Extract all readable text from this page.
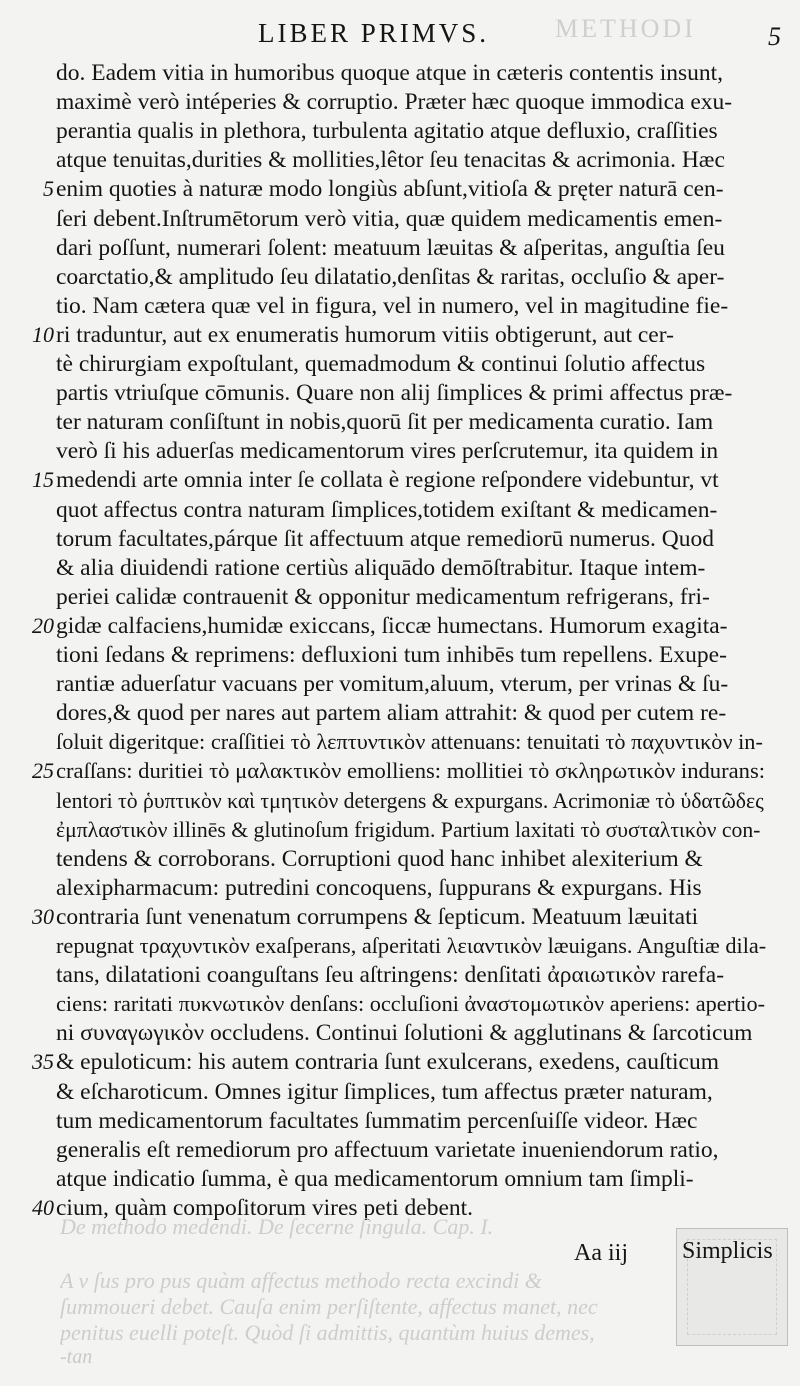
METHODI
LIBER PRIMVS.	5
do. Eadem vitia in humoribus quoque atque in cæteris contentis insunt,
maximè verò intéperies & corruptio. Præter hæc quoque immodica exu-
perantia qualis in plethora, turbulenta agitatio atque defluxio, craſſities
atque tenuitas,durities & mollities,lêtor ſeu tenacitas & acrimonia. Hæc
5 enim quoties à naturæ modo longiùs abſunt,vitioſa & pręter naturā cen-
ſeri debent.Inſtrumētorum verò vitia, quæ quidem medicamentis emen-
dari poſſunt, numerari ſolent: meatuum læuitas & aſperitas, anguſtia ſeu
coarctatio,& amplitudo ſeu dilatatio,denſitas & raritas, occluſio & aper-
tio. Nam cætera quæ vel in figura, vel in numero, vel in magitudine fie-
10 ri traduntur, aut ex enumeratis humorum vitiis obtigerunt, aut cer-
tè chirurgiam expoſtulant, quemadmodum & continui ſolutio affectus
partis vtriuſque cōmunis. Quare non alij ſimplices & primi affectus præ-
ter naturam conſiſtunt in nobis,quorū ſit per medicamenta curatio. Iam
verò ſi his aduerſas medicamentorum vires perſcrutemur, ita quidem in
15 medendi arte omnia inter ſe collata è regione reſpondere videbuntur, vt
quot affectus contra naturam ſimplices,totidem exiſtant & medicamen-
torum facultates,párque ſit affectuum atque remediorū numerus. Quod
& alia diuidendi ratione certiùs aliquādo demōſtrabitur. Itaque intem-
periei calidæ contrauenit & opponitur medicamentum refrigerans, fri-
20 gidæ calfaciens,humidæ exiccans, ſiccæ humectans. Humorum exagita-
tioni ſedans & reprimens: defluxioni tum inhibēs tum repellens. Exupe-
rantiæ aduerſatur vacuans per vomitum,aluum, vterum, per vrinas & ſu-
dores,& quod per nares aut partem aliam attrahit: & quod per cutem re-
ſoluit digeritque: craſſitiei τὸ λεπτυντικὸν attenuans: tenuitati τὸ παχυντικὸν in-
25 craſſans: duritiei τὸ μαλακτικὸν emolliens: mollitiei τὸ σκληρωτικὸν indurans:
lentori τὸ ῥυπτικὸν καὶ τμητικὸν detergens & expurgans. Acrimoniæ τὸ ὑδατῶδες
ἐμπλαστικὸν illinēs & glutinoſum frigidum. Partium laxitati τὸ συσταλτικὸν con-
tendens & corroborans. Corruptioni quod hanc inhibet alexiterium &
alexipharmacum: putredini concoquens, ſuppurans & expurgans. His
30 contraria ſunt venenatum corrumpens & ſepticum. Meatuum læuitati
repugnat τραχυντικὸν exaſperans, aſperitati λειαντικὸν læuigans. Anguſtiæ dila-
tans, dilatationi coanguſtans ſeu aſtringens: denſitati ἀραιωτικὸν rarefa-
ciens: raritati πυκνωτικὸν denſans: occluſioni ἀναστομωτικὸν aperiens: apertio-
ni συναγωγικὸν occludens. Continui ſolutioni & agglutinans & ſarcoticum
35 & epuloticum: his autem contraria ſunt exulcerans, exedens, cauſticum
& eſcharoticum. Omnes igitur ſimplices, tum affectus præter naturam,
tum medicamentorum facultates ſummatim percenſuiſſe videor. Hæc
generalis eſt remediorum pro affectuum varietate inueniendorum ratio,
atque indicatio ſumma, è qua medicamentorum omnium tam ſimpli-
40 cium, quàm compoſitorum vires peti debent.
De methodo medendi. De ſecerne ſingula. Cap. I.
A v ſus pro pus quàm affectus methodo recta excindi &
ſummoueri debet. Cauſa enim perſiſtente, affectus manet, nec
penitus euelli poteſt. Quòd ſi admittis, quantùm huius demes,
-tan
Aa iij Simplicis
